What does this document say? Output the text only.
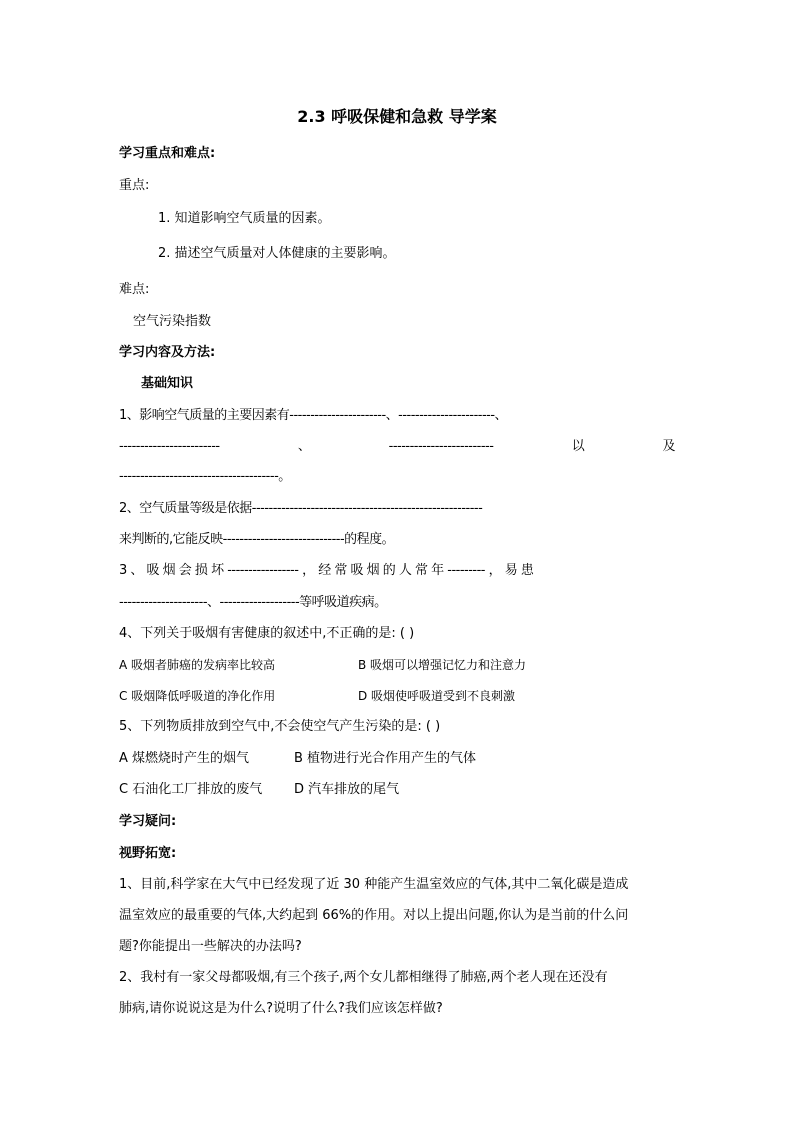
2.3 呼吸保健和急救 导学案
学习重点和难点:
重点:
1. 知道影响空气质量的因素。
2. 描述空气质量对人体健康的主要影响。
难点:
空气污染指数
学习内容及方法:
基础知识
1、影响空气质量的主要因素有-----------------------、-----------------------、
------------------------	、	-------------------------	以	及
--------------------------------------。
2、空气质量等级是依据-------------------------------------------------------
来判断的,它能反映-----------------------------的程度。
3 、 吸 烟 会 损 坏 ----------------- ， 经 常 吸 烟 的 人 常 年 --------- ， 易 患
---------------------、-------------------等呼吸道疾病。
4、下列关于吸烟有害健康的叙述中,不正确的是: ( )
A 吸烟者肺癌的发病率比较高	B 吸烟可以增强记忆力和注意力
C 吸烟降低呼吸道的净化作用	D 吸烟使呼吸道受到不良刺激
5、下列物质排放到空气中,不会使空气产生污染的是: ( )
A 煤燃烧时产生的烟气	B 植物进行光合作用产生的气体
C 石油化工厂排放的废气	D 汽车排放的尾气
学习疑问:
视野拓宽:
1、目前,科学家在大气中已经发现了近 30 种能产生温室效应的气体,其中二氧化碳是造成
温室效应的最重要的气体,大约起到 66%的作用。对以上提出问题,你认为是当前的什么问
题?你能提出一些解决的办法吗?
2、我村有一家父母都吸烟,有三个孩子,两个女儿都相继得了肺癌,两个老人现在还没有
肺病,请你说说这是为什么?说明了什么?我们应该怎样做?
